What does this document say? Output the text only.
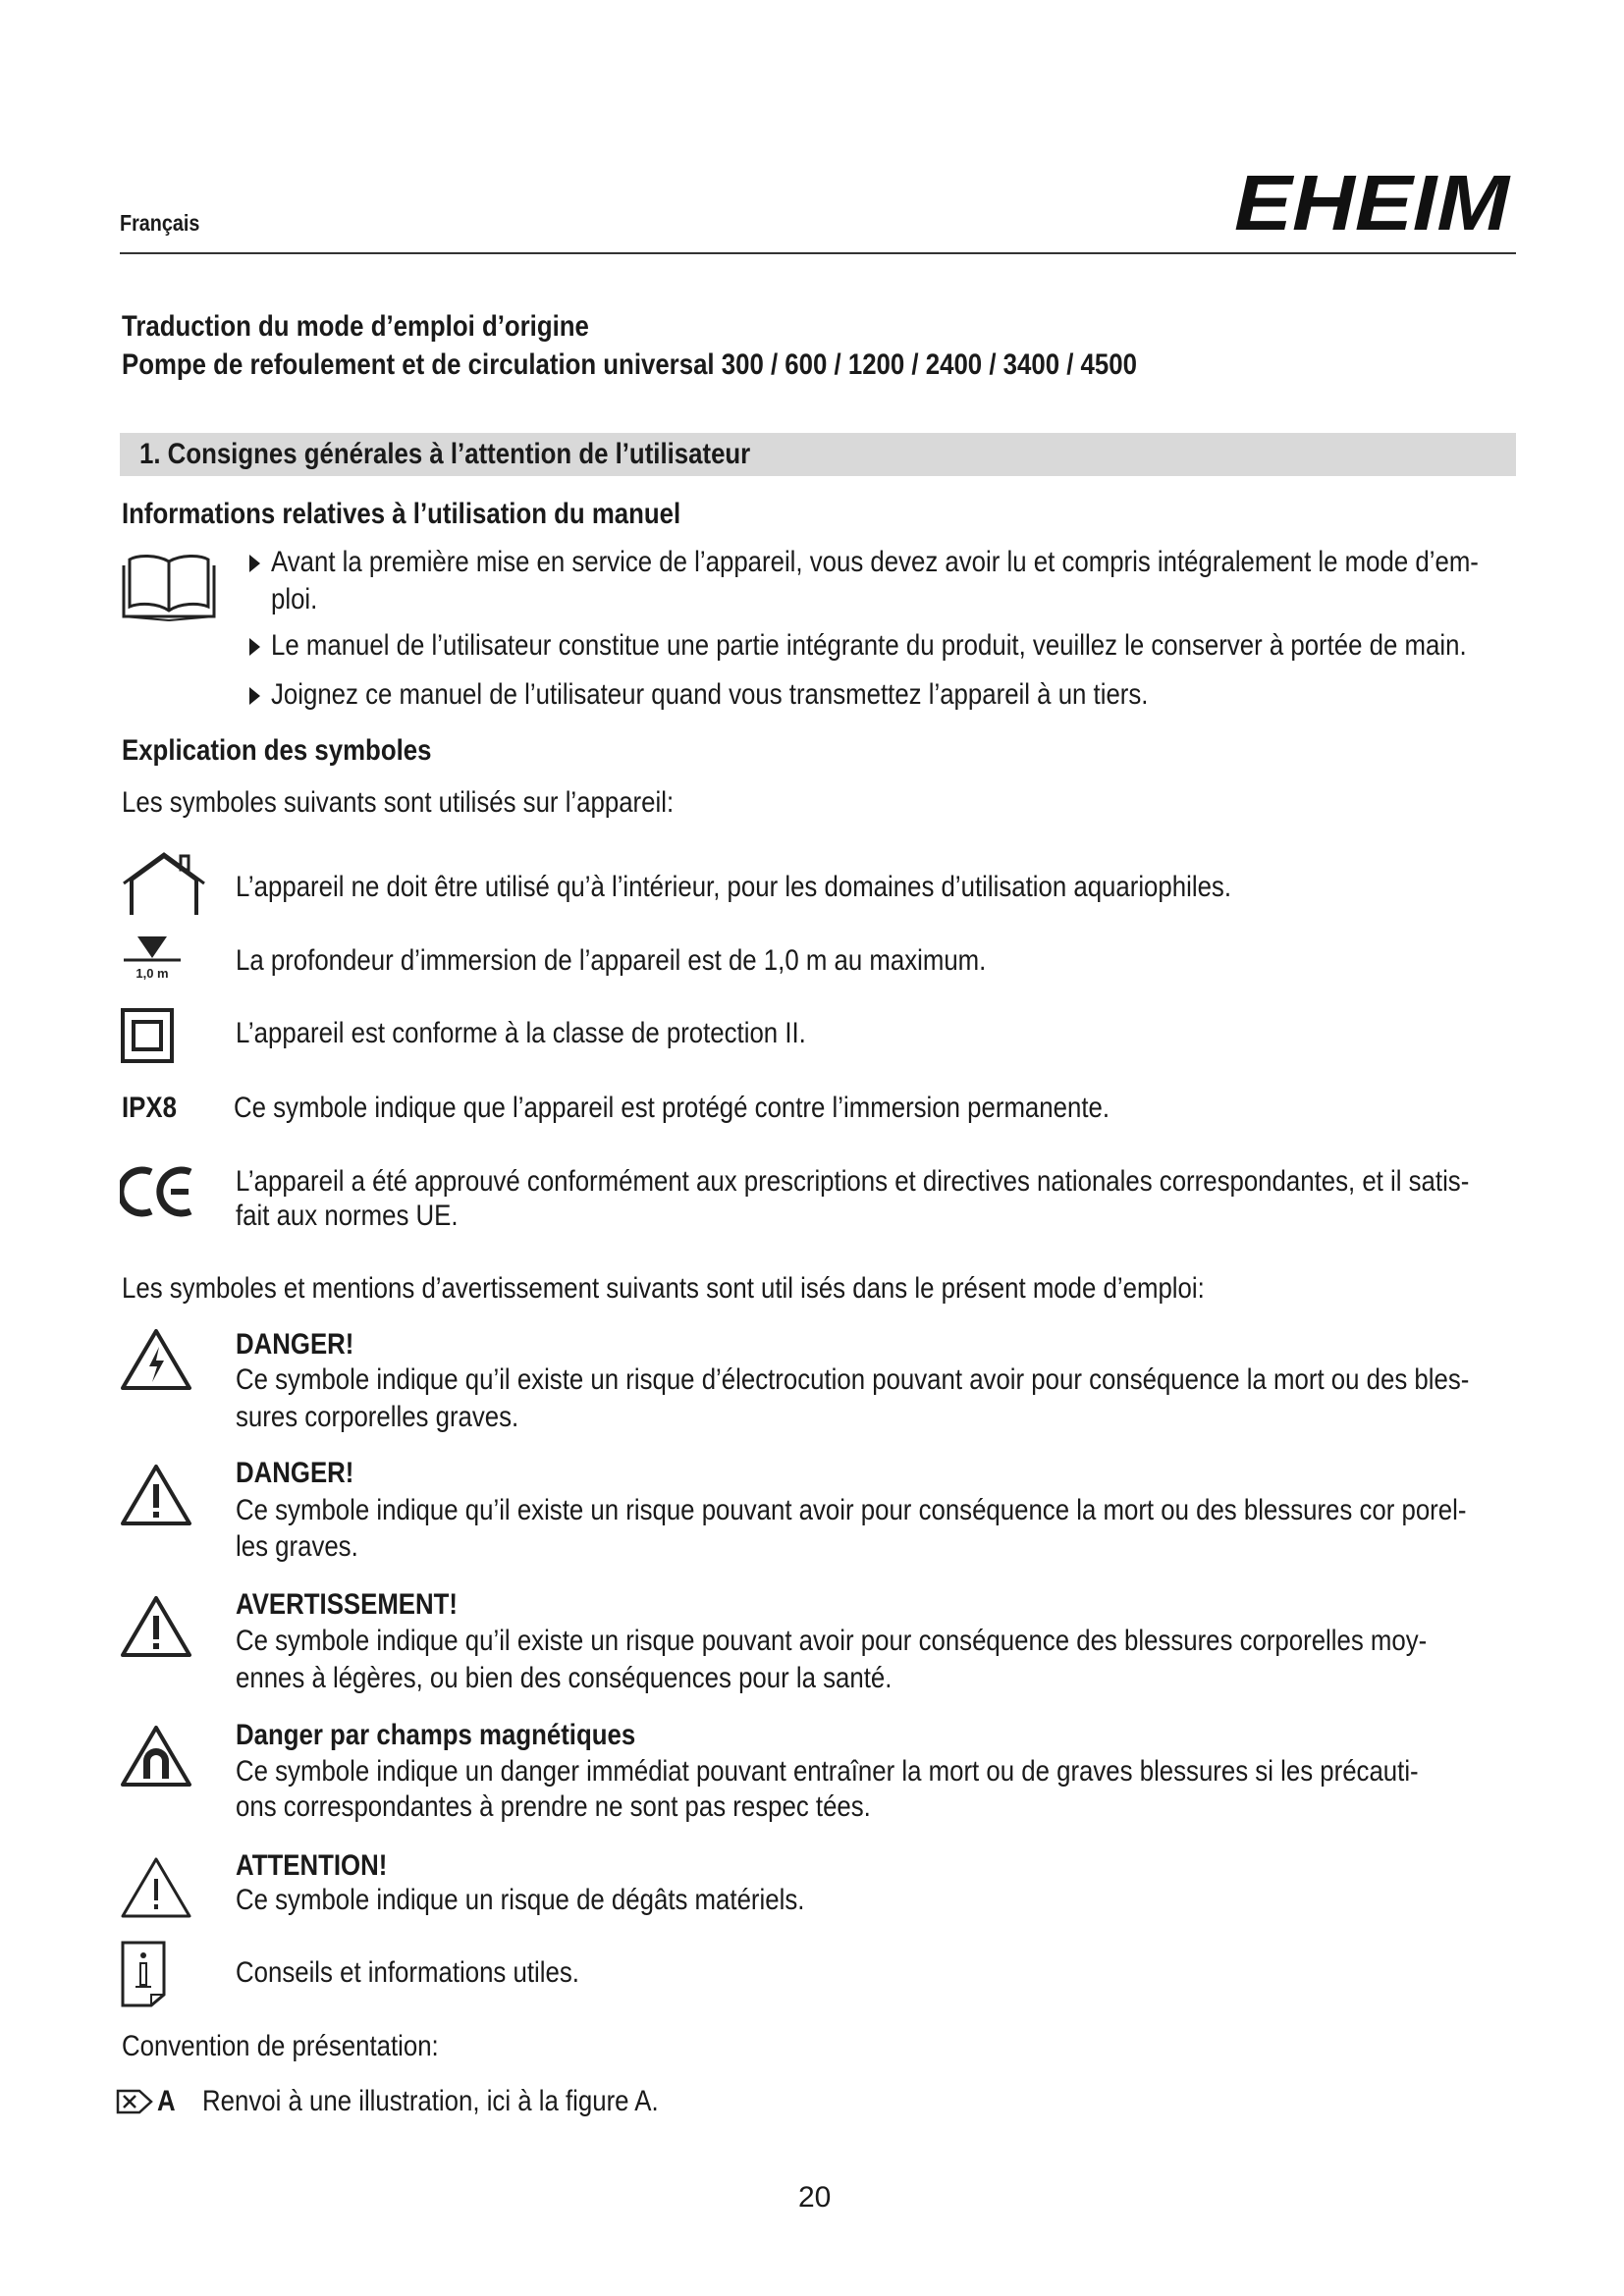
Français	EHEIM
Traduction du mode d’emploi d’origine
Pompe de refoulement et de circulation universal 300 / 600 / 1200 / 2400 / 3400 / 4500
1. Consignes générales à l’attention de l’utilisateur
Informations relatives à l’utilisation du manuel
Avant la première mise en service de l’appareil, vous devez avoir lu et compris intégralement le mode d’em-
ploi.
Le manuel de l’utilisateur constitue une partie intégrante du produit, veuillez le conserver à portée de main.
Joignez ce manuel de l’utilisateur quand vous transmettez l’appareil à un tiers.
Explication des symboles
Les symboles suivants sont utilisés sur l’appareil:
L’appareil ne doit être utilisé qu’à l’intérieur, pour les domaines d’utilisation aquariophiles.
1,0 m La profondeur d’immersion de l’appareil est de 1,0 m au maximum.
L’appareil est conforme à la classe de protection II.
IPX8 Ce symbole indique que l’appareil est protégé contre l’immersion permanente.
L’appareil a été approuvé conformément aux prescriptions et directives nationales correspondantes, et il satis-
fait aux normes UE.
Les symboles et mentions d’avertissement suivants sont util isés dans le présent mode d’emploi:
DANGER!
Ce symbole indique qu’il existe un risque d’électrocution pouvant avoir pour conséquence la mort ou des bles-
sures corporelles graves.
DANGER!
Ce symbole indique qu’il existe un risque pouvant avoir pour conséquence la mort ou des blessures cor porel-
les graves.
AVERTISSEMENT!
Ce symbole indique qu’il existe un risque pouvant avoir pour conséquence des blessures corporelles moy-
ennes à légères, ou bien des conséquences pour la santé.
Danger par champs magnétiques
Ce symbole indique un danger immédiat pouvant entraîner la mort ou de graves blessures si les précauti-
ons correspondantes à prendre ne sont pas respec tées.
ATTENTION!
Ce symbole indique un risque de dégâts matériels.
Conseils et informations utiles.
Convention de présentation:
A Renvoi à une illustration, ici à la figure A.
20
